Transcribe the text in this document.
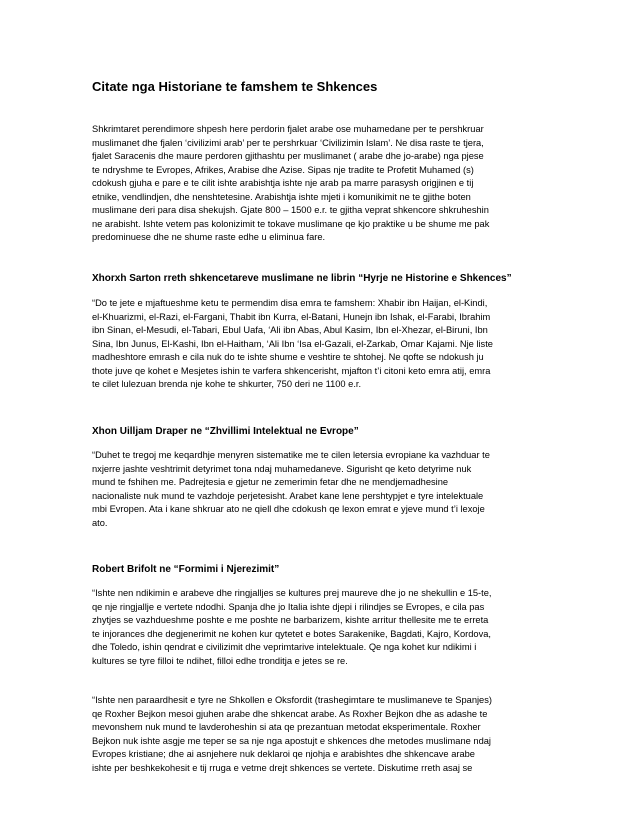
Citate nga Historiane te famshem te Shkences
Shkrimtaret perendimore shpesh here perdorin fjalet arabe ose muhamedane per te pershkruar
muslimanet dhe fjalen ‘civilizimi arab’ per te pershrkuar ‘Civilizimin Islam’. Ne disa raste te tjera,
fjalet Saracenis dhe maure perdoren gjithashtu per muslimanet ( arabe dhe jo-arabe) nga pjese
te ndryshme te Evropes, Afrikes, Arabise dhe Azise. Sipas nje tradite te Profetit Muhamed (s)
cdokush gjuha e pare e te cilit ishte arabishtja ishte nje arab pa marre parasysh origjinen e tij
etnike, vendlindjen, dhe nenshtetesine. Arabishtja ishte mjeti i komunikimit ne te gjithe boten
muslimane deri para disa shekujsh. Gjate 800 – 1500 e.r. te gjitha veprat shkencore shkruheshin
ne arabisht. Ishte vetem pas kolonizimit te tokave muslimane qe kjo praktike u be shume me pak
predominuese dhe ne shume raste edhe u eliminua fare.
Xhorxh Sarton rreth shkencetareve muslimane ne librin “Hyrje ne Historine e Shkences”
“Do te jete e mjaftueshme ketu te permendim disa emra te famshem: Xhabir ibn Haijan, el-Kindi,
el-Khuarizmi, el-Razi, el-Fargani, Thabit ibn Kurra, el-Batani, Hunejn ibn Ishak, el-Farabi, Ibrahim
ibn Sinan, el-Mesudi, el-Tabari, Ebul Uafa, ‘Ali ibn Abas, Abul Kasim, Ibn el-Xhezar, el-Biruni, Ibn
Sina, Ibn Junus, El-Kashi, Ibn el-Haitham, ‘Ali Ibn ‘Isa el-Gazali, el-Zarkab, Omar Kajami. Nje liste
madheshtore emrash e cila nuk do te ishte shume e veshtire te shtohej. Ne qofte se ndokush ju
thote juve qe kohet e Mesjetes ishin te varfera shkencerisht, mjafton t’i citoni keto emra atij, emra
te cilet lulezuan brenda nje kohe te shkurter, 750 deri ne 1100 e.r.
Xhon Uilljam Draper ne “Zhvillimi Intelektual ne Evrope”
“Duhet te tregoj me keqardhje menyren sistematike me te cilen letersia evropiane ka vazhduar te
nxjerre jashte veshtrimit detyrimet tona ndaj muhamedaneve. Sigurisht qe keto detyrime nuk
mund te fshihen me. Padrejtesia e gjetur ne zemerimin fetar dhe ne mendjemadhesine
nacionaliste nuk mund te vazhdoje perjetesisht. Arabet kane lene pershtypjet e tyre intelektuale
mbi Evropen. Ata i kane shkruar ato ne qiell dhe cdokush qe lexon emrat e yjeve mund t’i lexoje
ato.
Robert Brifolt ne “Formimi i Njerezimit”
“Ishte nen ndikimin e arabeve dhe ringjalljes se kultures prej maureve dhe jo ne shekullin e 15-te,
qe nje ringjallje e vertete ndodhi. Spanja dhe jo Italia ishte djepi i rilindjes se Evropes, e cila pas
zhytjes se vazhdueshme poshte e me poshte ne barbarizem, kishte arritur thellesite me te erreta
te injorances dhe degjenerimit ne kohen kur qytetet e botes Sarakenike, Bagdati, Kajro, Kordova,
dhe Toledo, ishin qendrat e civilizimit dhe veprimtarive intelektuale. Qe nga kohet kur ndikimi i
kultures se tyre filloi te ndihet, filloi edhe tronditja e jetes se re.
“Ishte nen paraardhesit e tyre ne Shkollen e Oksfordit (trashegimtare te muslimaneve te Spanjes)
qe Roxher Bejkon mesoi gjuhen arabe dhe shkencat arabe. As Roxher Bejkon dhe as adashe te
mevonshem nuk mund te lavderoheshin si ata qe prezantuan metodat eksperimentale. Roxher
Bejkon nuk ishte asgje me teper se sa nje nga apostujt e shkences dhe metodes muslimane ndaj
Evropes kristiane; dhe ai asnjehere nuk deklaroi qe njohja e arabishtes dhe shkencave arabe
ishte per beshkekohesit e tij rruga e vetme drejt shkences se vertete. Diskutime rreth asaj se
